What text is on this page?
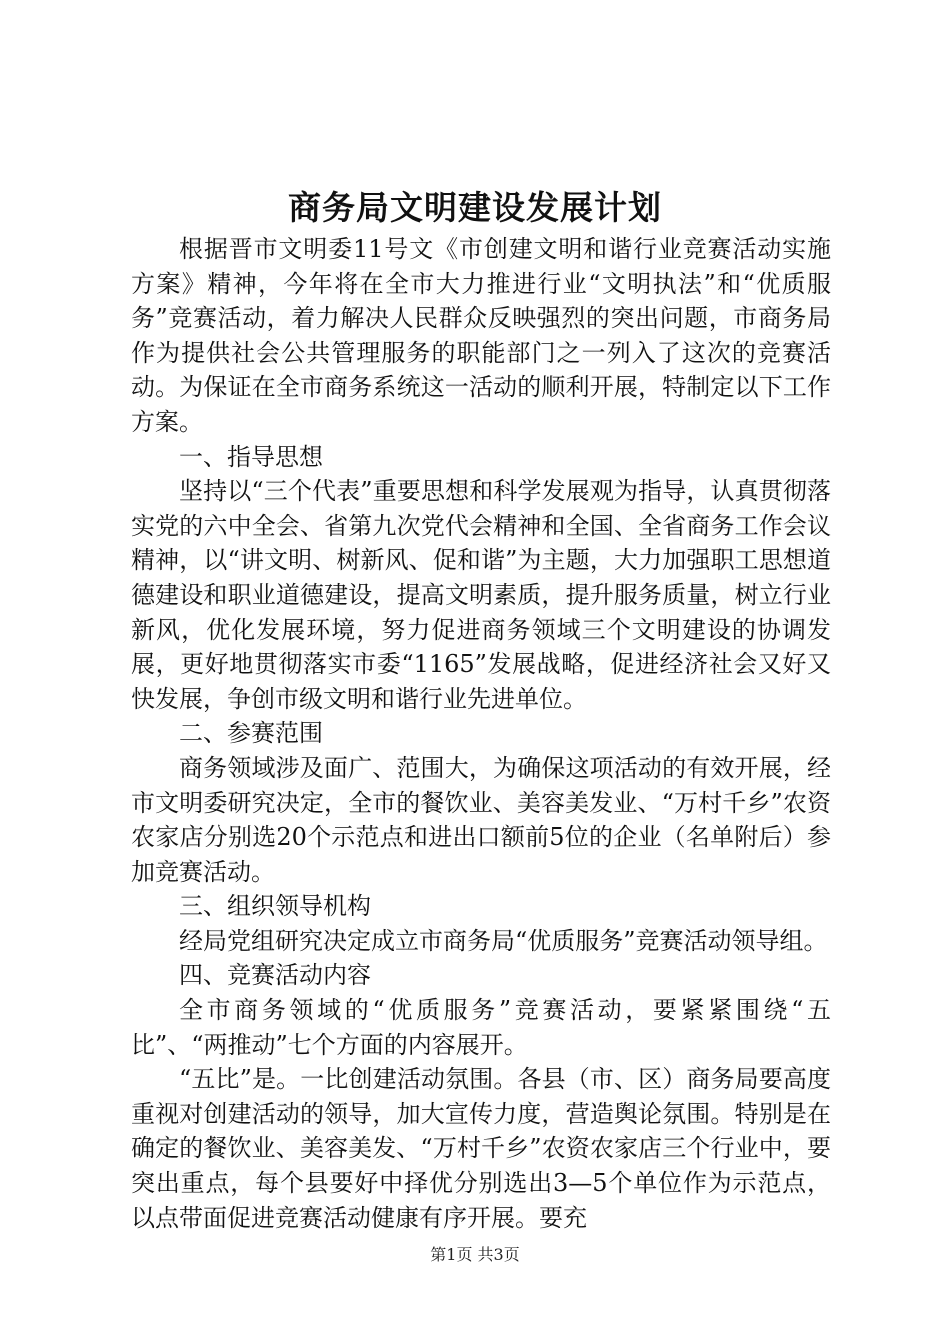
商务局文明建设发展计划

根据晋市文明委11号文《市创建文明和谐行业竞赛活动实施方案》精神，今年将在全市大力推进行业“文明执法”和“优质服务”竞赛活动，着力解决人民群众反映强烈的突出问题，市商务局作为提供社会公共管理服务的职能部门之一列入了这次的竞赛活动。为保证在全市商务系统这一活动的顺利开展，特制定以下工作方案。

一、指导思想

坚持以“三个代表”重要思想和科学发展观为指导，认真贯彻落实党的六中全会、省第九次党代会精神和全国、全省商务工作会议精神，以“讲文明、树新风、促和谐”为主题，大力加强职工思想道德建设和职业道德建设，提高文明素质，提升服务质量，树立行业新风，优化发展环境，努力促进商务领域三个文明建设的协调发展，更好地贯彻落实市委“1165”发展战略，促进经济社会又好又快发展，争创市级文明和谐行业先进单位。

二、参赛范围

商务领域涉及面广、范围大，为确保这项活动的有效开展，经市文明委研究决定，全市的餐饮业、美容美发业、“万村千乡”农资农家店分别选20个示范点和进出口额前5位的企业（名单附后）参加竞赛活动。

三、组织领导机构

经局党组研究决定成立市商务局“优质服务”竞赛活动领导组。

四、竞赛活动内容

全市商务领域的“优质服务”竞赛活动，要紧紧围绕“五比”、“两推动”七个方面的内容展开。

“五比”是。一比创建活动氛围。各县（市、区）商务局要高度重视对创建活动的领导，加大宣传力度，营造舆论氛围。特别是在确定的餐饮业、美容美发、“万村千乡”农资农家店三个行业中，要突出重点，每个县要好中择优分别选出3—5个单位作为示范点，以点带面促进竞赛活动健康有序开展。要充

第1页 共3页
